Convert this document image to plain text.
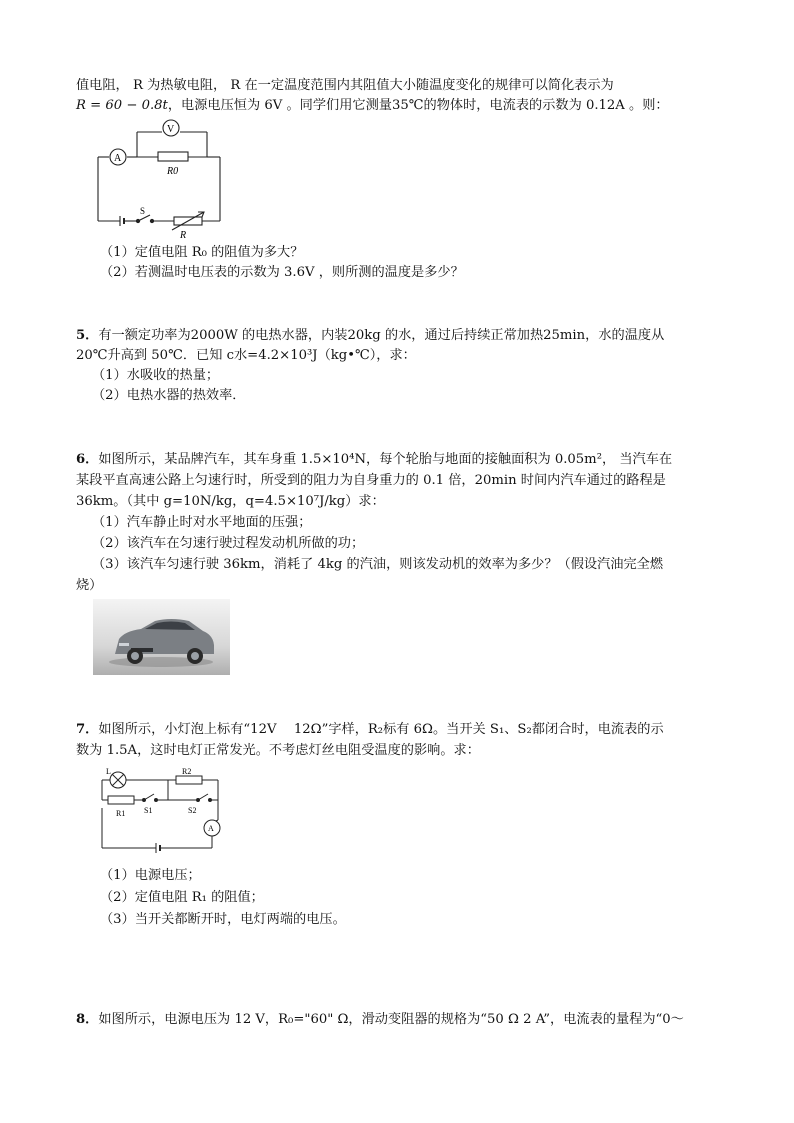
值电阻， R 为热敏电阻， R 在一定温度范围内其阻值大小随温度变化的规律可以简化表示为
R = 60 − 0.8t，电源电压恒为 6V 。同学们用它测量35℃的物体时，电流表的示数为 0.12A 。则：
V
A
R0
S
R
（1）定值电阻 R₀ 的阻值为多大？
（2）若测温时电压表的示数为 3.6V ，则所测的温度是多少？
5．有一额定功率为2000W 的电热水器，内装20kg 的水，通过后持续正常加热25min，水的温度从
20℃升高到 50℃．已知 c水=4.2×10³J（kg•℃），求：
（1）水吸收的热量；
（2）电热水器的热效率．
6．如图所示，某品牌汽车，其车身重 1.5×10⁴N，每个轮胎与地面的接触面积为 0.05m²， 当汽车在
某段平直高速公路上匀速行时，所受到的阻力为自身重力的 0.1 倍，20min 时间内汽车通过的路程是
36km。（其中 g=10N/kg，q=4.5×10⁷J/kg）求：
（1）汽车静止时对水平地面的压强；
（2）该汽车在匀速行驶过程发动机所做的功；
（3）该汽车匀速行驶 36km，消耗了 4kg 的汽油，则该发动机的效率为多少？（假设汽油完全燃
烧）
7．如图所示，小灯泡上标有“12V　 12Ω”字样，R₂标有 6Ω。当开关 S₁、S₂都闭合时，电流表的示
数为 1.5A，这时电灯正常发光。不考虑灯丝电阻受温度的影响。求：
L	R2
R1 S1	S2
A
（1）电源电压；
（2）定值电阻 R₁ 的阻值；
（3）当开关都断开时，电灯两端的电压。
8．如图所示，电源电压为 12 V，R₀="60" Ω，滑动变阻器的规格为“50 Ω 2 A”，电流表的量程为“0～
